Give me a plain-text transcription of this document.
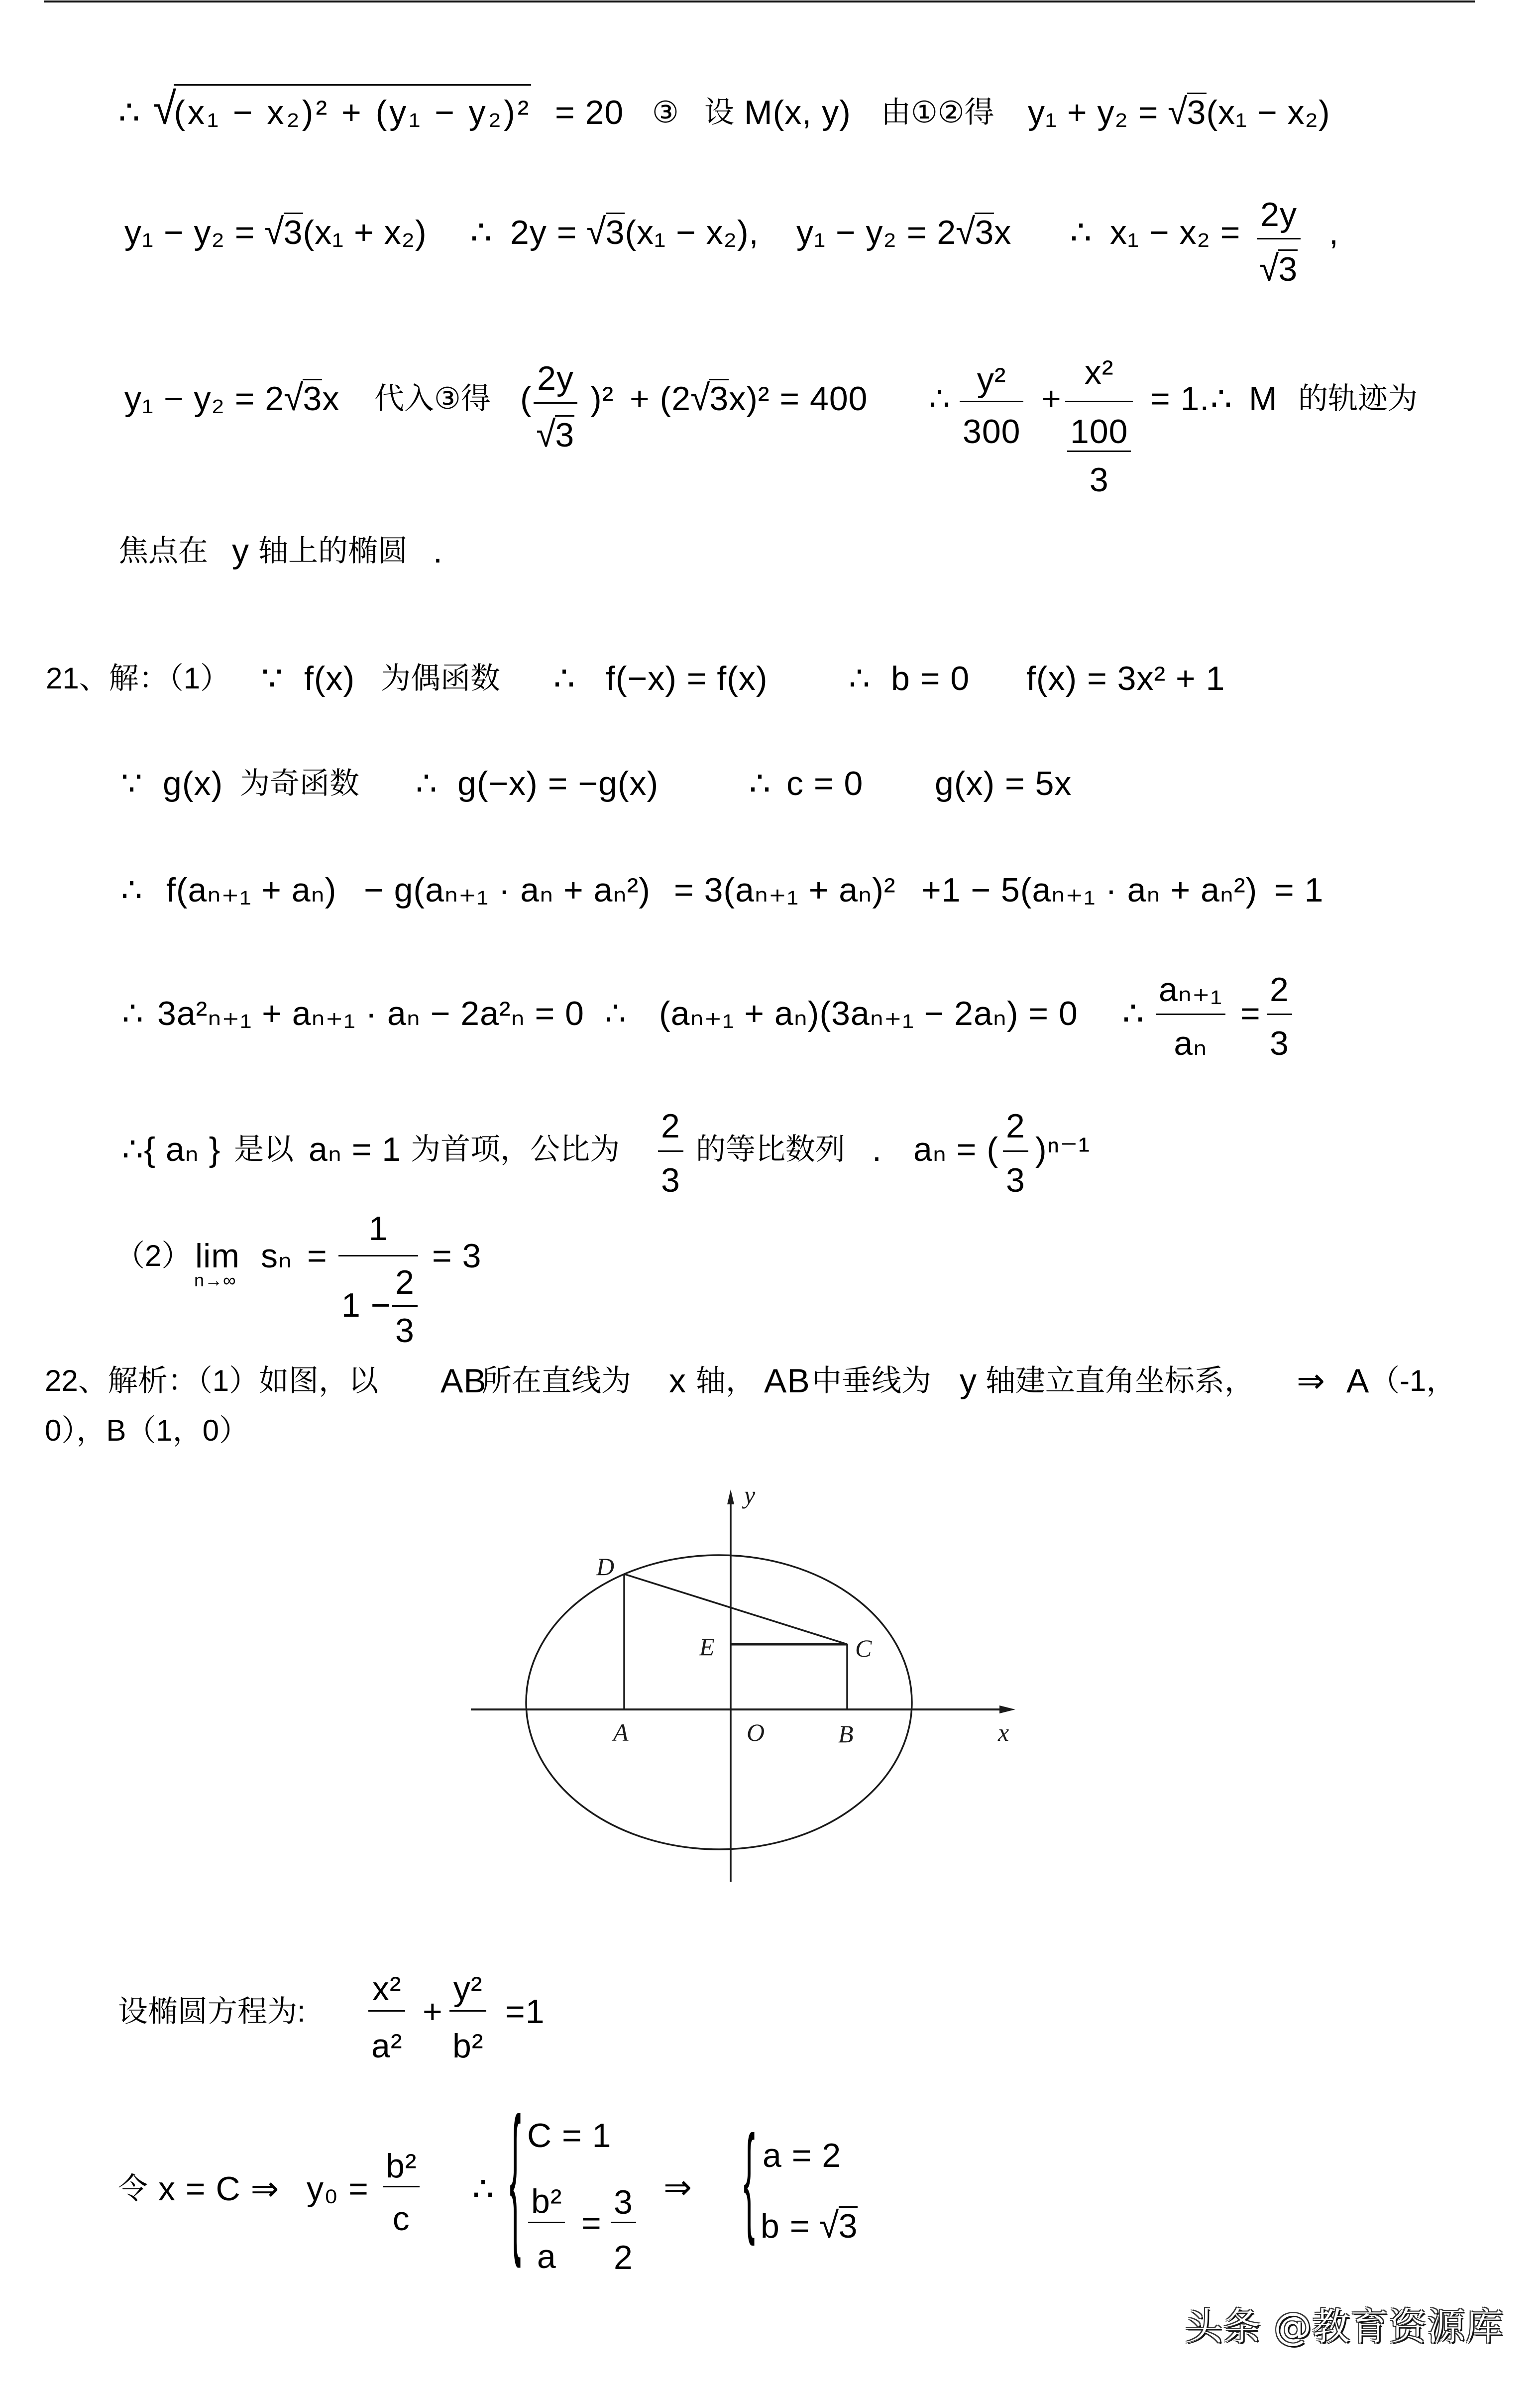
∴ √(x₁ − x₂)² + (y₁ − y₂)² = 20 ③ 设 M(x, y) 由①②得 y₁ + y₂ = √3(x₁ − x₂)
y₁ − y₂ = √3(x₁ + x₂) ∴ 2y = √3(x₁ − x₂), y₁ − y₂ = 2√3x ∴ x₁ − x₂ = 2y
√3
,
y₁ − y₂ = 2√3x 代入③得 (
2y
√3
)² + (2√3x)² = 400 ∴ y²
300
+
x²
$\frac{100}{3}$
= 1. ∴ M 的轨迹为
焦点在 y 轴上的椭圆 .
21、解：（1） ∵ f(x) 为偶函数 ∴ f(−x) = f(x) ∴ b = 0 f(x) = 3x² + 1
∵ g(x) 为奇函数 ∴ g(−x) = −g(x)	∴ c = 0 g(x) = 5x
∴ f(aₙ₊₁ + aₙ) − g(aₙ₊₁ · aₙ + aₙ²) = 3(aₙ₊₁ + aₙ)² +1 − 5(aₙ₊₁ · aₙ + aₙ²) = 1
∴ 3a²ₙ₊₁ + aₙ₊₁ · aₙ − 2a²ₙ = 0 ∴ (aₙ₊₁ + aₙ)(3aₙ₊₁ − 2aₙ) = 0 ∴
aₙ₊₁
aₙ
=
2
3
∴{ aₙ } 是以 aₙ = 1 为首项，公比为
2
3
的等比数列 . aₙ = (
2
3
)ⁿ⁻¹
（2） lim
n→∞
sₙ =
1
1 −
2
3
= 3
22、解析：（1）如图，以 AB
所在直线为 x 轴， AB 中垂线为 y 轴建立直角坐标系， ⇒ A （-1，
0），B（1，0）
D
E	C
A	O	B	x
y
设椭圆方程为:
x²
a²
+
y²
b²
=1
令 x = C ⇒ y₀ =
b²
c
∴ { C = 1
b²
a
=
3
2
⇒ { a = 2
b = √3
头条 @教育资源库
